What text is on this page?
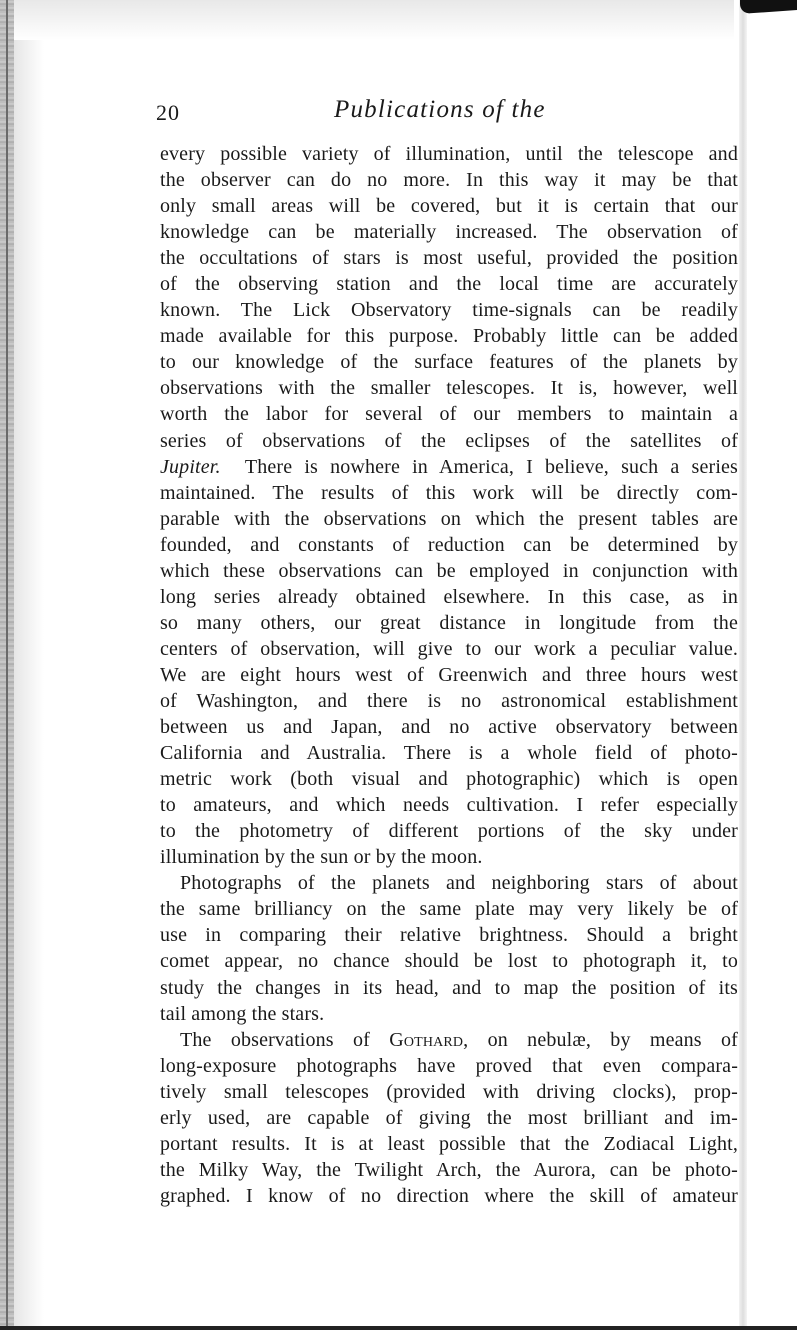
20	Publications of the
every possible variety of illumination, until the telescope and
the observer can do no more. In this way it may be that
only small areas will be covered, but it is certain that our
knowledge can be materially increased. The observation of
the occultations of stars is most useful, provided the position
of the observing station and the local time are accurately
known. The Lick Observatory time-signals can be readily
made available for this purpose. Probably little can be added
to our knowledge of the surface features of the planets by
observations with the smaller telescopes. It is, however, well
worth the labor for several of our members to maintain a
series of observations of the eclipses of the satellites of
Jupiter. There is nowhere in America, I believe, such a series
maintained. The results of this work will be directly com-
parable with the observations on which the present tables are
founded, and constants of reduction can be determined by
which these observations can be employed in conjunction with
long series already obtained elsewhere. In this case, as in
so many others, our great distance in longitude from the
centers of observation, will give to our work a peculiar value.
We are eight hours west of Greenwich and three hours west
of Washington, and there is no astronomical establishment
between us and Japan, and no active observatory between
California and Australia. There is a whole field of photo-
metric work (both visual and photographic) which is open
to amateurs, and which needs cultivation. I refer especially
to the photometry of different portions of the sky under
illumination by the sun or by the moon.
Photographs of the planets and neighboring stars of about
the same brilliancy on the same plate may very likely be of
use in comparing their relative brightness. Should a bright
comet appear, no chance should be lost to photograph it, to
study the changes in its head, and to map the position of its
tail among the stars.
The observations of Gothard, on nebulæ, by means of
long-exposure photographs have proved that even compara-
tively small telescopes (provided with driving clocks), prop-
erly used, are capable of giving the most brilliant and im-
portant results. It is at least possible that the Zodiacal Light,
the Milky Way, the Twilight Arch, the Aurora, can be photo-
graphed. I know of no direction where the skill of amateur
